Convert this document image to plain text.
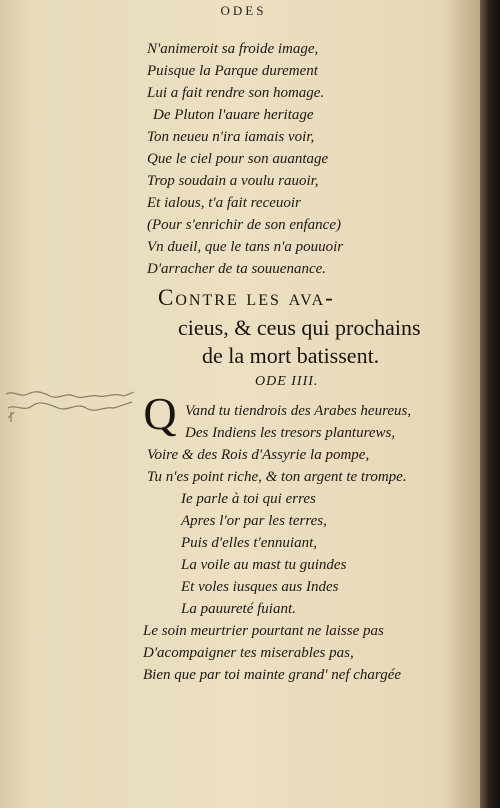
ODES
N'animeroit sa froide image,
Puisque la Parque durement
Lui a fait rendre son homage.
De Pluton l'auare heritage
Ton neueu n'ira iamais voir,
Que le ciel pour son auantage
Trop soudain a voulu rauoir,
Et ialous, t'a fait receuoir
(Pour s'enrichir de son enfance)
Vn dueil, que le tans n'a pouuoir
D'arracher de ta souuenance.
Contre les ava-
cieus, & ceus qui prochains
de la mort batissent.
ODE IIII.
Q Vand tu tiendrois des Arabes heureus,
Des Indiens les tresors planturews,
Voire & des Rois d'Assyrie la pompe,
Tu n'es point riche, & ton argent te trompe.
Ie parle à toi qui erres
Apres l'or par les terres,
Puis d'elles t'ennuiant,
La voile au mast tu guindes
Et voles iusques aus Indes
La pauureté fuiant.
Le soin meurtrier pourtant ne laisse pas
D'acompaigner tes miserables pas,
Bien que par toi mainte grand' nef chargée
